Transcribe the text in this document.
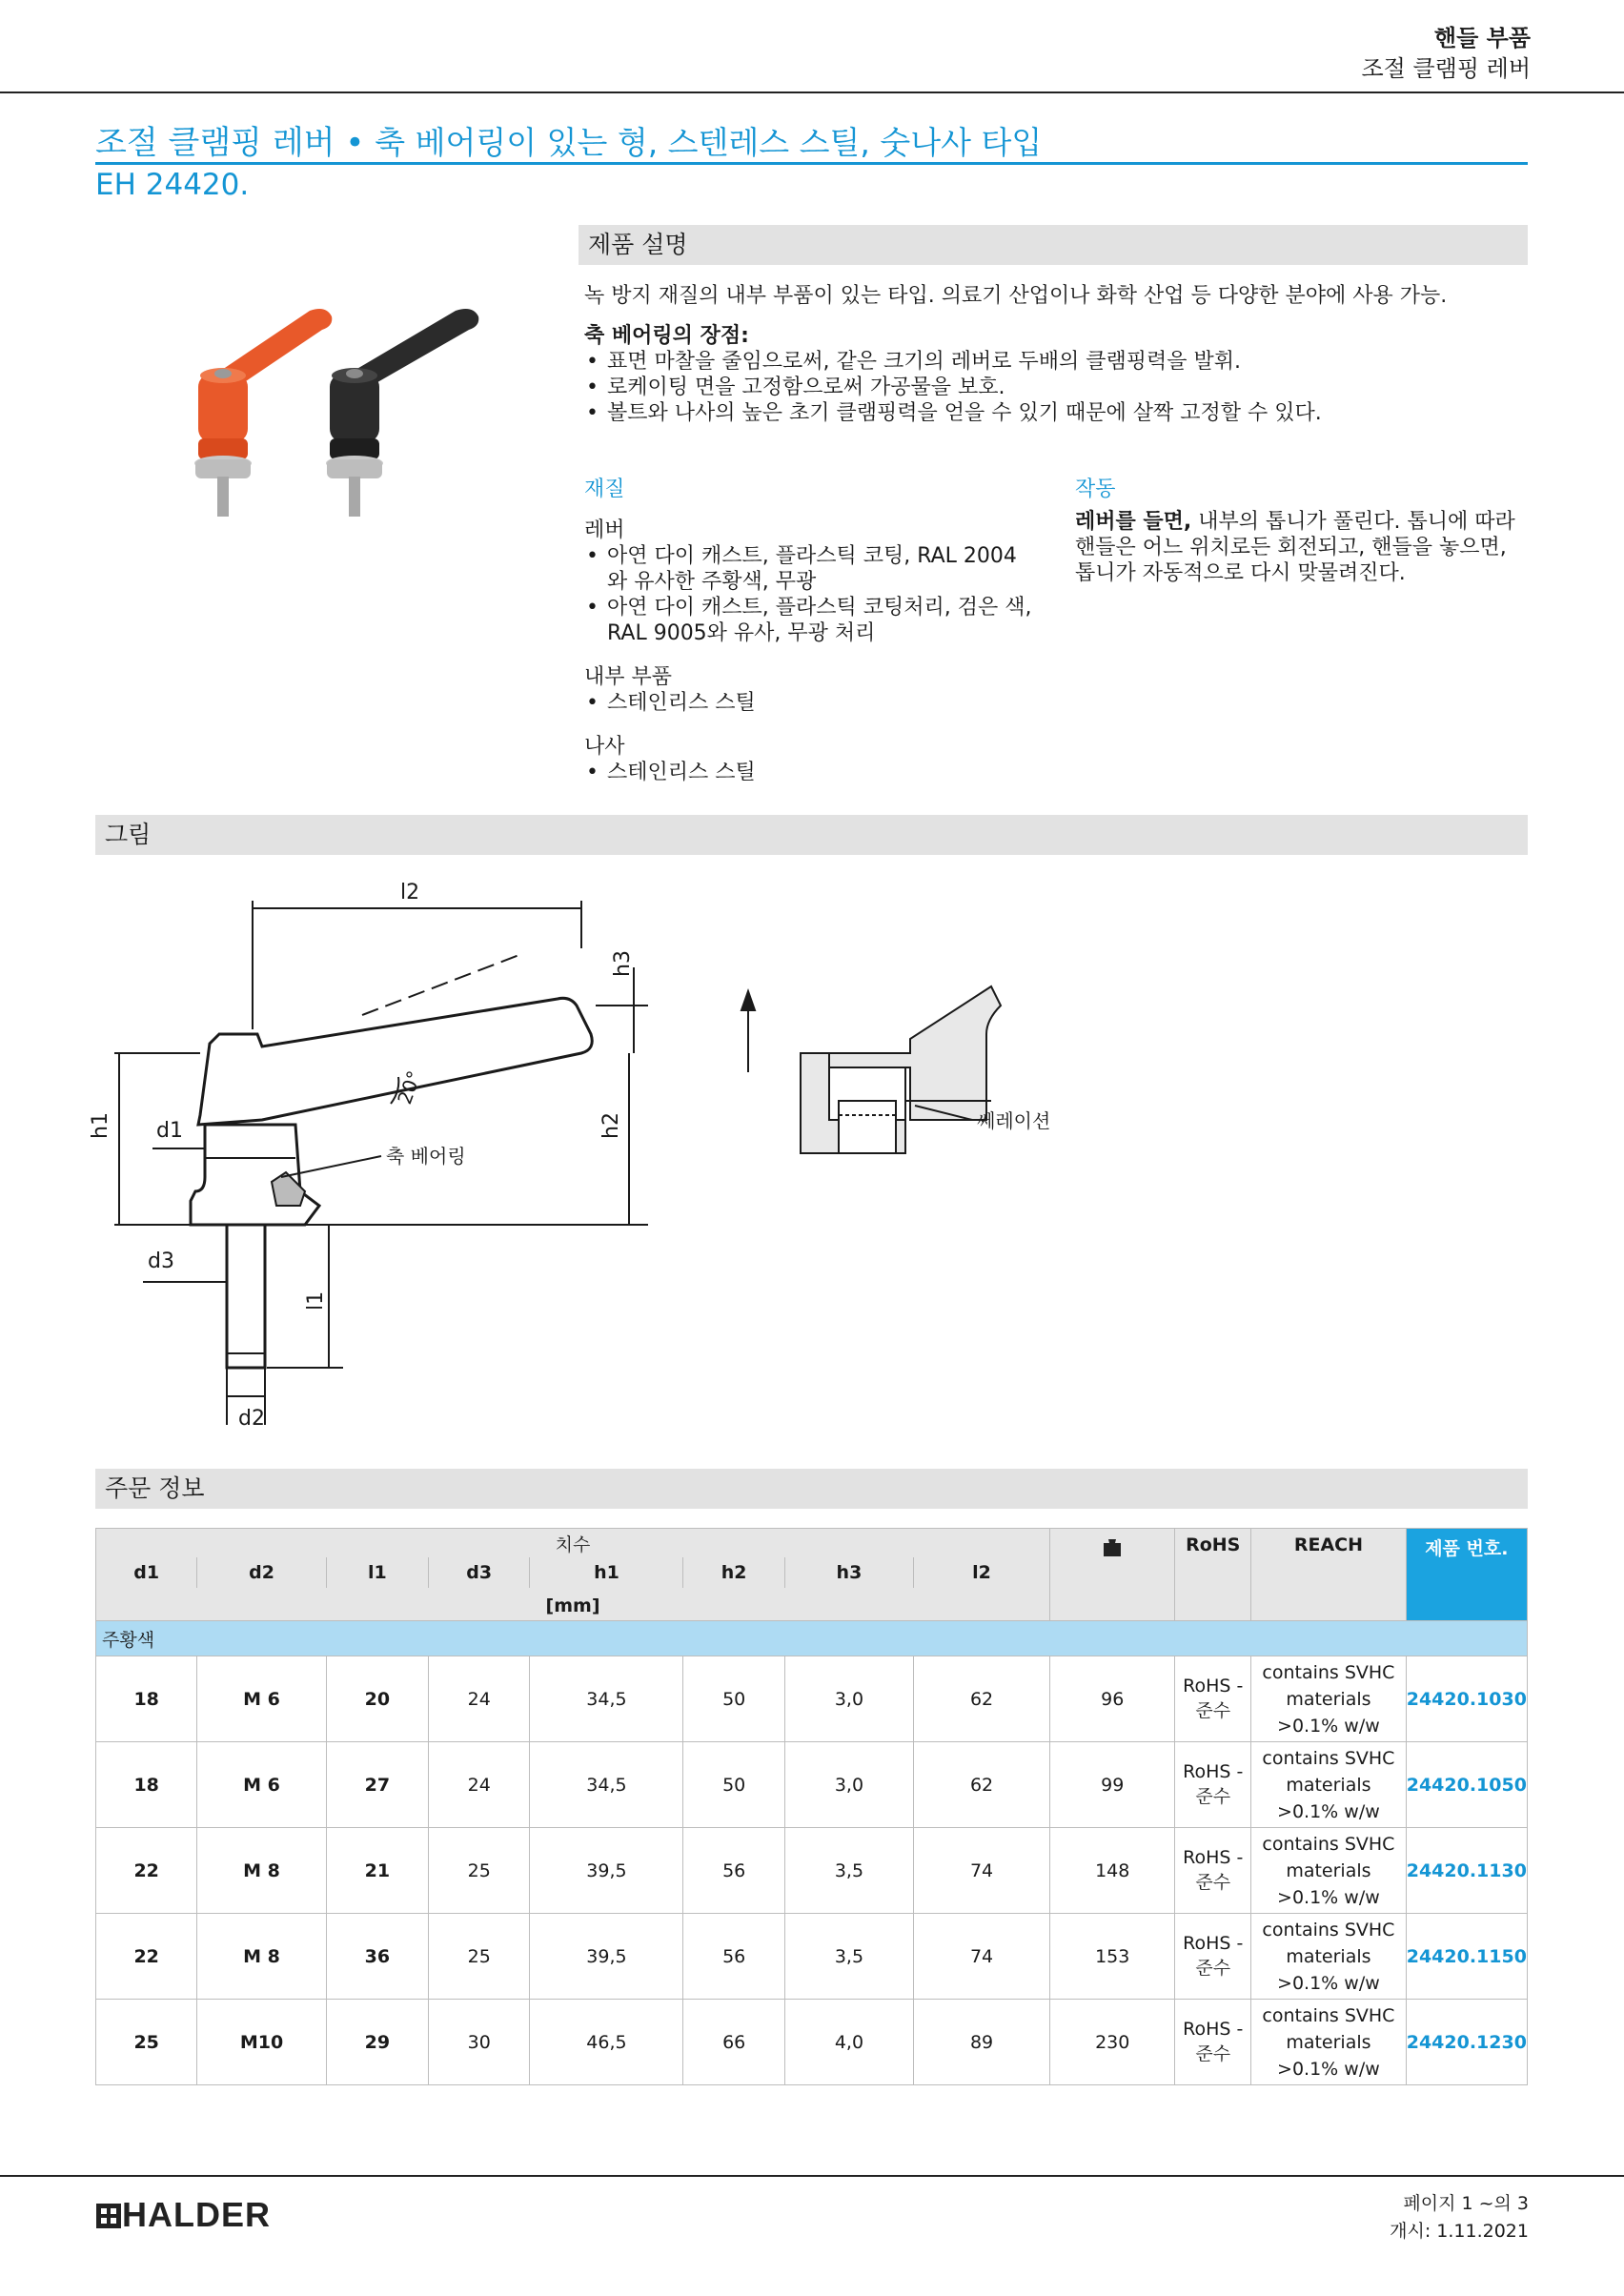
핸들 부품
조절 클램핑 레버
조절 클램핑 레버 • 축 베어링이 있는 형, 스텐레스 스틸, 숫나사 타입
EH 24420.
제품 설명
녹 방지 재질의 내부 부품이 있는 타입. 의료기 산업이나 화학 산업 등 다양한 분야에 사용 가능.
축 베어링의 장점:
• 표면 마찰을 줄임으로써, 같은 크기의 레버로 두배의 클램핑력을 발휘.
• 로케이팅 면을 고정함으로써 가공물을 보호.
• 볼트와 나사의 높은 초기 클램핑력을 얻을 수 있기 때문에 살짝 고정할 수 있다.
재질
레버
• 아연 다이 캐스트, 플라스틱 코팅, RAL 2004 와 유사한 주황색, 무광
• 아연 다이 캐스트, 플라스틱 코팅처리, 검은 색, RAL 9005와 유사, 무광 처리
내부 부품
• 스테인리스 스틸
나사
• 스테인리스 스틸
작동
레버를 들면, 내부의 톱니가 풀린다. 톱니에 따라 핸들은 어느 위치로든 회전되고, 핸들을 놓으면, 톱니가 자동적으로 다시 맞물려진다.
그림
l2
20°
h3
h2
h1 d1
축 베어링
d3
l1
d2
쎄레이션
주문 정보
치수									RoHS	REACH	제품 번호.
d1	d2	l1	d3	h1	h2	h3	l2				
[mm]											
주황색											
18	M 6	20	24	34,5	50	3,0	62	96	RoHS - 준수	contains SVHC materials >0.1% w/w	24420.1030
18	M 6	27	24	34,5	50	3,0	62	99	RoHS - 준수	contains SVHC materials >0.1% w/w	24420.1050
22	M 8	21	25	39,5	56	3,5	74	148	RoHS - 준수	contains SVHC materials >0.1% w/w	24420.1130
22	M 8	36	25	39,5	56	3,5	74	153	RoHS - 준수	contains SVHC materials >0.1% w/w	24420.1150
25	M10	29	30	46,5	66	4,0	89	230	RoHS - 준수	contains SVHC materials >0.1% w/w	24420.1230
HALDER	페이지 1 ~의 3
개시: 1.11.2021
